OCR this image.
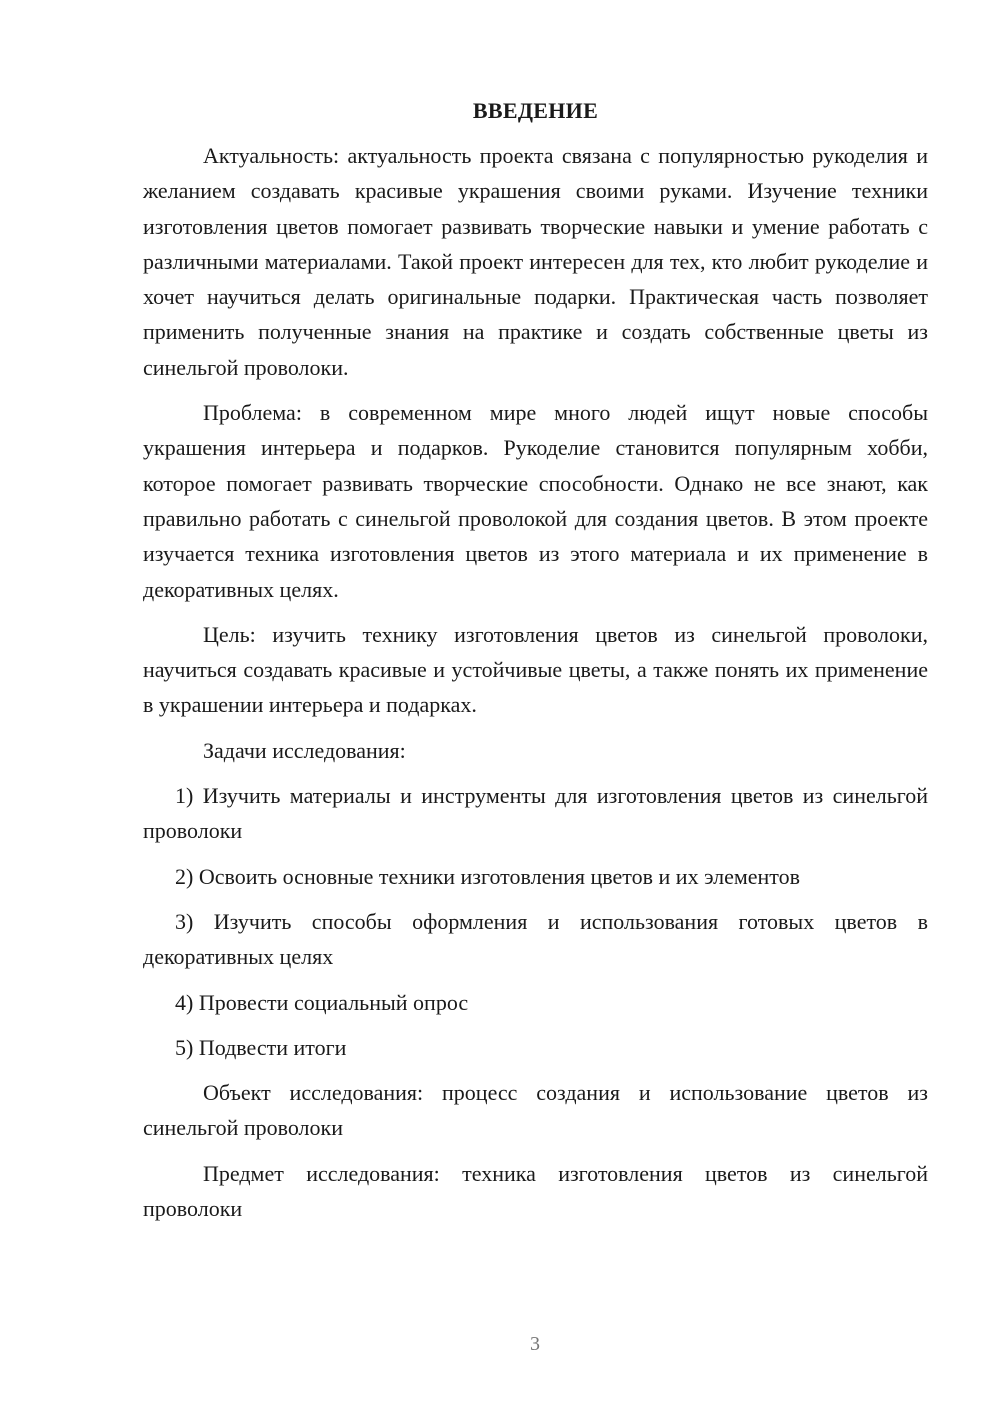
ВВЕДЕНИЕ

Актуальность: актуальность проекта связана с популярностью рукоделия и желанием создавать красивые украшения своими руками. Изучение техники изготовления цветов помогает развивать творческие навыки и умение работать с различными материалами. Такой проект интересен для тех, кто любит рукоделие и хочет научиться делать оригинальные подарки. Практическая часть позволяет применить полученные знания на практике и создать собственные цветы из синельгой проволоки.

Проблема: в современном мире много людей ищут новые способы украшения интерьера и подарков. Рукоделие становится популярным хобби, которое помогает развивать творческие способности. Однако не все знают, как правильно работать с синельгой проволокой для создания цветов. В этом проекте изучается техника изготовления цветов из этого материала и их применение в декоративных целях.

Цель: изучить технику изготовления цветов из синельгой проволоки, научиться создавать красивые и устойчивые цветы, а также понять их применение в украшении интерьера и подарках.

Задачи исследования:

1) Изучить материалы и инструменты для изготовления цветов из синельгой проволоки

2) Освоить основные техники изготовления цветов и их элементов

3) Изучить способы оформления и использования готовых цветов в декоративных целях

4) Провести социальный опрос

5) Подвести итоги

Объект исследования: процесс создания и использование цветов из синельгой проволоки

Предмет исследования: техника изготовления цветов из синельгой проволоки

3
